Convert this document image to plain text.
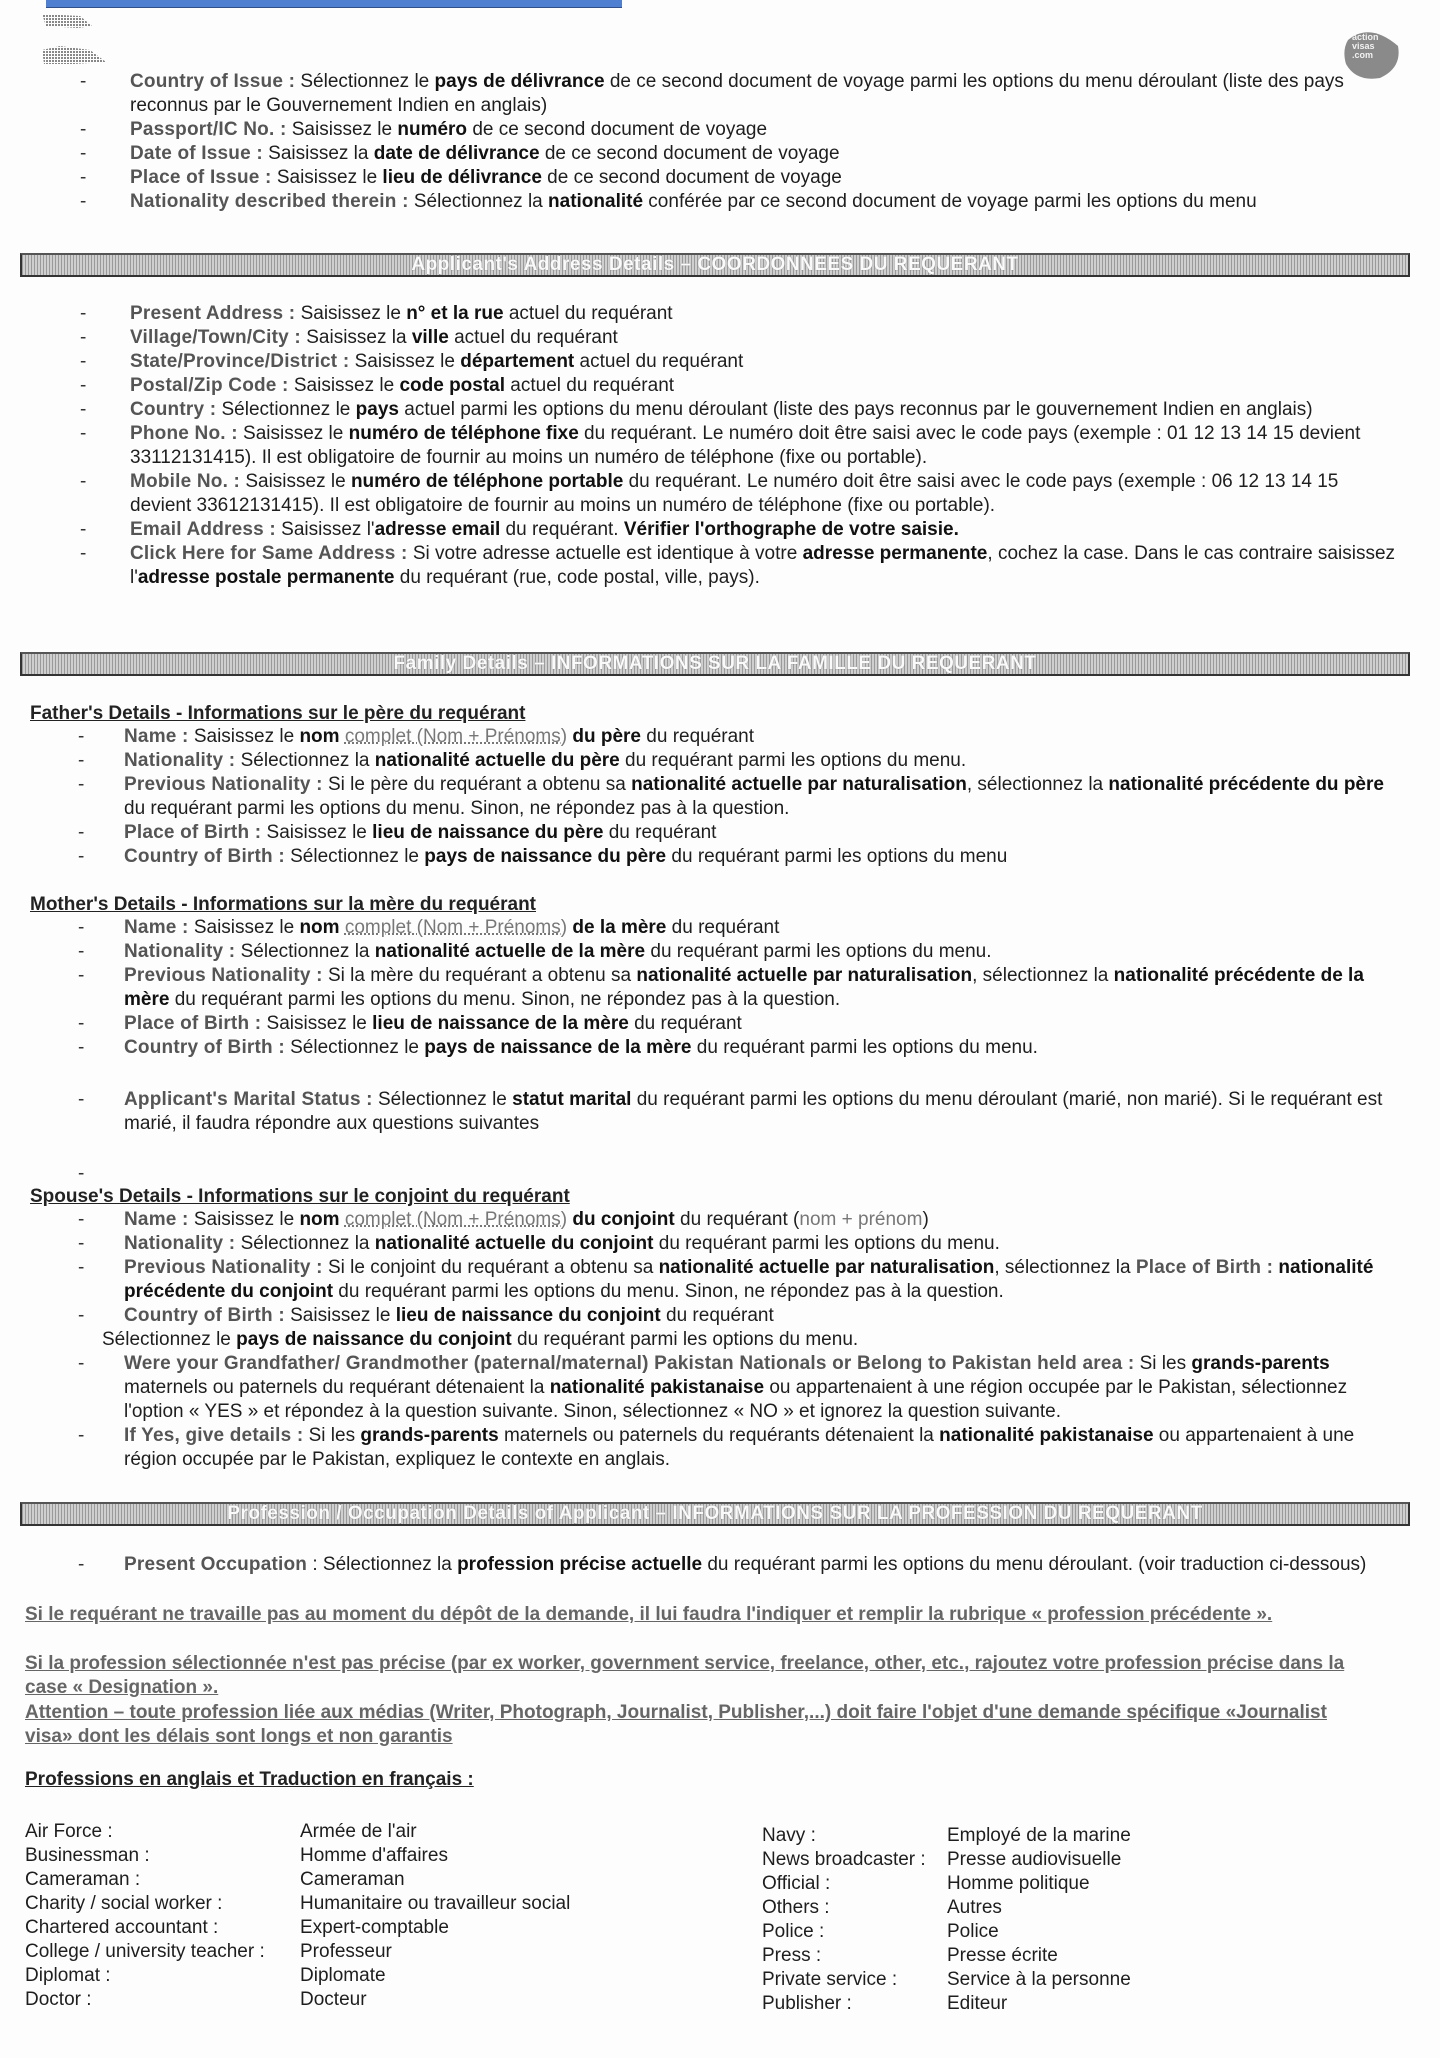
action
visas
.com
- Country of Issue : Sélectionnez le pays de délivrance de ce second document de voyage parmi les options du menu déroulant (liste des pays reconnus par le Gouvernement Indien en anglais)
- Passport/IC No. : Saisissez le numéro de ce second document de voyage
- Date of Issue : Saisissez la date de délivrance de ce second document de voyage
- Place of Issue : Saisissez le lieu de délivrance de ce second document de voyage
- Nationality described therein : Sélectionnez la nationalité conférée par ce second document de voyage parmi les options du menu
Applicant's Address Details – COORDONNEES DU REQUERANT
- Present Address : Saisissez le n° et la rue actuel du requérant
- Village/Town/City : Saisissez la ville actuel du requérant
- State/Province/District : Saisissez le département actuel du requérant
- Postal/Zip Code : Saisissez le code postal actuel du requérant
- Country : Sélectionnez le pays actuel parmi les options du menu déroulant (liste des pays reconnus par le gouvernement Indien en anglais)
- Phone No. : Saisissez le numéro de téléphone fixe du requérant. Le numéro doit être saisi avec le code pays (exemple : 01 12 13 14 15 devient 33112131415). Il est obligatoire de fournir au moins un numéro de téléphone (fixe ou portable).
- Mobile No. : Saisissez le numéro de téléphone portable du requérant. Le numéro doit être saisi avec le code pays (exemple : 06 12 13 14 15 devient 33612131415). Il est obligatoire de fournir au moins un numéro de téléphone (fixe ou portable).
- Email Address : Saisissez l'adresse email du requérant. Vérifier l'orthographe de votre saisie.
- Click Here for Same Address : Si votre adresse actuelle est identique à votre adresse permanente, cochez la case. Dans le cas contraire saisissez l'adresse postale permanente du requérant (rue, code postal, ville, pays).
Family Details – INFORMATIONS SUR LA FAMILLE DU REQUERANT
Father's Details - Informations sur le père du requérant
- Name : Saisissez le nom complet (Nom + Prénoms) du père du requérant
- Nationality : Sélectionnez la nationalité actuelle du père du requérant parmi les options du menu.
- Previous Nationality : Si le père du requérant a obtenu sa nationalité actuelle par naturalisation, sélectionnez la nationalité précédente du père du requérant parmi les options du menu. Sinon, ne répondez pas à la question.
- Place of Birth : Saisissez le lieu de naissance du père du requérant
- Country of Birth : Sélectionnez le pays de naissance du père du requérant parmi les options du menu
Mother's Details - Informations sur la mère du requérant
- Name : Saisissez le nom complet (Nom + Prénoms) de la mère du requérant
- Nationality : Sélectionnez la nationalité actuelle de la mère du requérant parmi les options du menu.
- Previous Nationality : Si la mère du requérant a obtenu sa nationalité actuelle par naturalisation, sélectionnez la nationalité précédente de la mère du requérant parmi les options du menu. Sinon, ne répondez pas à la question.
- Place of Birth : Saisissez le lieu de naissance de la mère du requérant
- Country of Birth : Sélectionnez le pays de naissance de la mère du requérant parmi les options du menu.
- Applicant's Marital Status : Sélectionnez le statut marital du requérant parmi les options du menu déroulant (marié, non marié). Si le requérant est marié, il faudra répondre aux questions suivantes
-

Spouse's Details - Informations sur le conjoint du requérant
- Name : Saisissez le nom complet (Nom + Prénoms) du conjoint du requérant (nom + prénom)
- Nationality : Sélectionnez la nationalité actuelle du conjoint du requérant parmi les options du menu.
- Previous Nationality : Si le conjoint du requérant a obtenu sa nationalité actuelle par naturalisation, sélectionnez la Place of Birth : nationalité précédente du conjoint du requérant parmi les options du menu. Sinon, ne répondez pas à la question.
- Country of Birth : Saisissez le lieu de naissance du conjoint du requérant
Sélectionnez le pays de naissance du conjoint du requérant parmi les options du menu.
- Were your Grandfather/ Grandmother (paternal/maternal) Pakistan Nationals or Belong to Pakistan held area : Si les grands-parents maternels ou paternels du requérant détenaient la nationalité pakistanaise ou appartenaient à une région occupée par le Pakistan, sélectionnez l'option « YES » et répondez à la question suivante. Sinon, sélectionnez « NO » et ignorez la question suivante.
- If Yes, give details : Si les grands-parents maternels ou paternels du requérants détenaient la nationalité pakistanaise ou appartenaient à une région occupée par le Pakistan, expliquez le contexte en anglais.
Profession / Occupation Details of Applicant – INFORMATIONS SUR LA PROFESSION DU REQUERANT
- Present Occupation : Sélectionnez la profession précise actuelle du requérant parmi les options du menu déroulant. (voir traduction ci-dessous)
Si le requérant ne travaille pas au moment du dépôt de la demande, il lui faudra l'indiquer et remplir la rubrique « profession précédente ».
Si la profession sélectionnée n'est pas précise (par ex worker, government service, freelance, other, etc., rajoutez votre profession précise dans la case « Designation ».
Attention – toute profession liée aux médias (Writer, Photograph, Journalist, Publisher,...) doit faire l'objet d'une demande spécifique «Journalist visa» dont les délais sont longs et non garantis
Professions en anglais et Traduction en français :
Air Force :	Armée de l'air
Businessman :	Homme d'affaires
Cameraman :	Cameraman
Charity / social worker :	Humanitaire ou travailleur social
Chartered accountant :	Expert-comptable
College / university teacher :	Professeur
Diplomat :	Diplomate
Doctor :	Docteur
Navy :	Employé de la marine
News broadcaster :	Presse audiovisuelle
Official :	Homme politique
Others :	Autres
Police :	Police
Press :	Presse écrite
Private service :	Service à la personne
Publisher :	Editeur
